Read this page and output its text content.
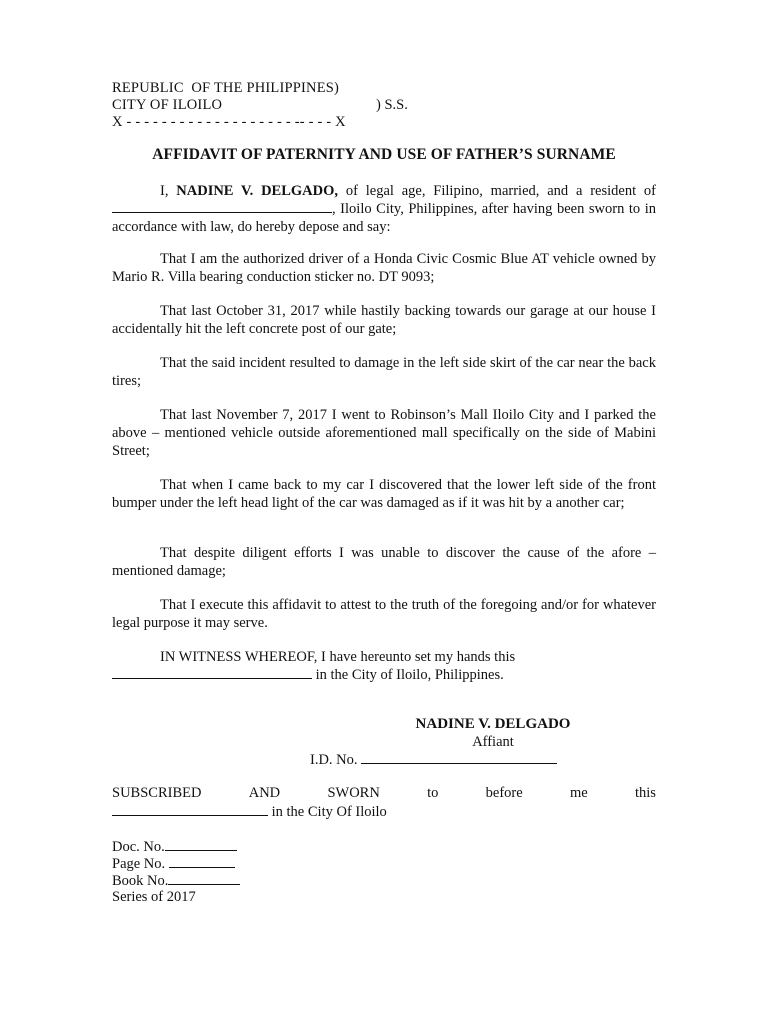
REPUBLIC  OF THE PHILIPPINES)
CITY OF ILOILO	) S.S.
X - - - - - - - - - - - - - - - - - - - -- - - - X
AFFIDAVIT OF PATERNITY AND USE OF FATHER’S SURNAME
I, NADINE V. DELGADO, of legal age, Filipino, married, and a resident of , Iloilo City, Philippines, after having been sworn to in accordance with law, do hereby depose and say:
That I am the authorized driver of a Honda Civic Cosmic Blue AT vehicle owned by Mario R. Villa bearing conduction sticker no. DT 9093;
That last October 31, 2017 while hastily backing towards our garage at our house I accidentally hit the left concrete post of our gate;
That the said incident resulted to damage in the left side skirt of the car near the back tires;
That last November 7, 2017 I went to Robinson’s Mall Iloilo City and I parked the above – mentioned vehicle outside aforementioned mall specifically on the side of Mabini Street;
That when I came back to my car I discovered that the lower left side of the front bumper under the left head light of the car was damaged as if it was hit by a another car;
That despite diligent efforts I was unable to discover the cause of the afore – mentioned damage;
That I execute this affidavit to attest to the truth of the foregoing and/or for whatever legal purpose it may serve.
IN WITNESS WHEREOF, I have hereunto set my hands this
in the City of Iloilo, Philippines.
NADINE V. DELGADO
Affiant
I.D. No.
SUBSCRIBED	AND	SWORN	to	before	me	this
in the City Of Iloilo
Doc. No.
Page No.
Book No.
Series of 2017
